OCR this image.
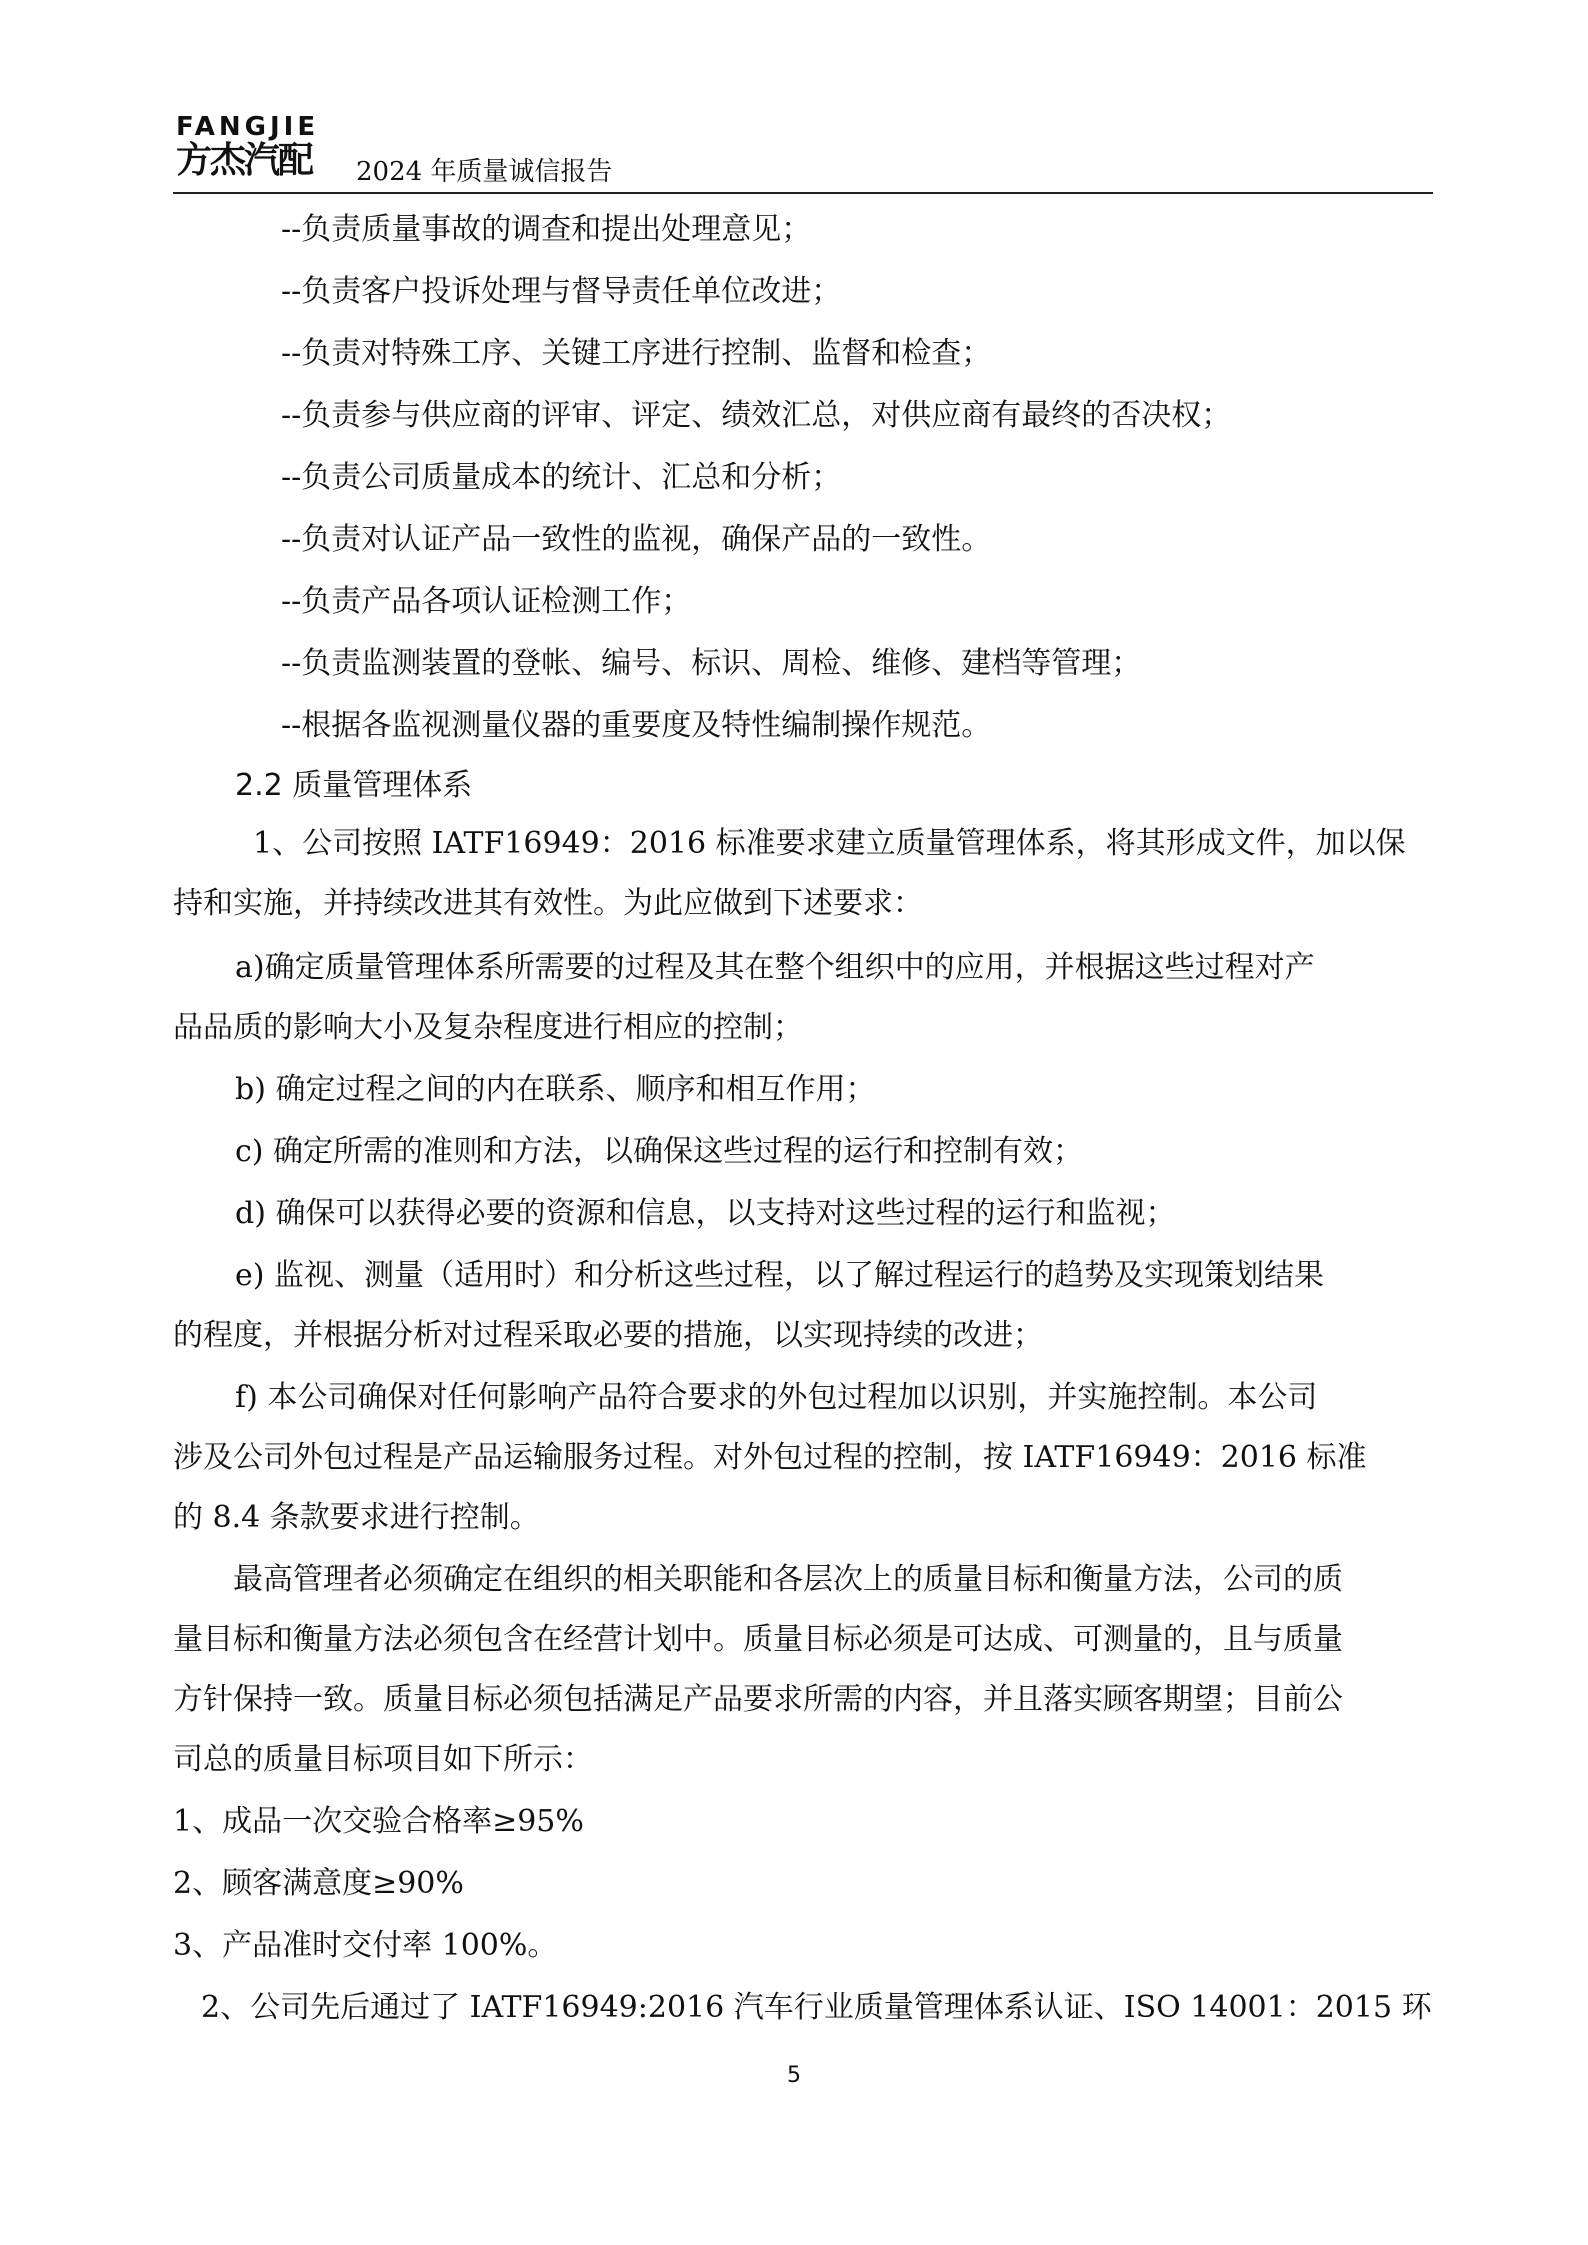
FANGJIE
方杰汽配 2024 年质量诚信报告
--负责质量事故的调查和提出处理意见；
--负责客户投诉处理与督导责任单位改进；
--负责对特殊工序、关键工序进行控制、监督和检查；
--负责参与供应商的评审、评定、绩效汇总，对供应商有最终的否决权；
--负责公司质量成本的统计、汇总和分析；
--负责对认证产品一致性的监视，确保产品的一致性。
--负责产品各项认证检测工作；
--负责监测装置的登帐、编号、标识、周检、维修、建档等管理；
--根据各监视测量仪器的重要度及特性编制操作规范。
2.2 质量管理体系
1、公司按照 IATF16949：2016 标准要求建立质量管理体系，将其形成文件，加以保
持和实施，并持续改进其有效性。为此应做到下述要求：
a)确定质量管理体系所需要的过程及其在整个组织中的应用，并根据这些过程对产
品品质的影响大小及复杂程度进行相应的控制；
b) 确定过程之间的内在联系、顺序和相互作用；
c) 确定所需的准则和方法，以确保这些过程的运行和控制有效；
d) 确保可以获得必要的资源和信息，以支持对这些过程的运行和监视；
e) 监视、测量（适用时）和分析这些过程，以了解过程运行的趋势及实现策划结果
的程度，并根据分析对过程采取必要的措施，以实现持续的改进；
f) 本公司确保对任何影响产品符合要求的外包过程加以识别，并实施控制。本公司
涉及公司外包过程是产品运输服务过程。对外包过程的控制，按 IATF16949：2016 标准
的 8.4 条款要求进行控制。
最高管理者必须确定在组织的相关职能和各层次上的质量目标和衡量方法，公司的质
量目标和衡量方法必须包含在经营计划中。质量目标必须是可达成、可测量的，且与质量
方针保持一致。质量目标必须包括满足产品要求所需的内容，并且落实顾客期望；目前公
司总的质量目标项目如下所示：
1、成品一次交验合格率≥95%
2、顾客满意度≥90%
3、产品准时交付率 100%。
2、公司先后通过了 IATF16949:2016 汽车行业质量管理体系认证、ISO 14001：2015 环
5
